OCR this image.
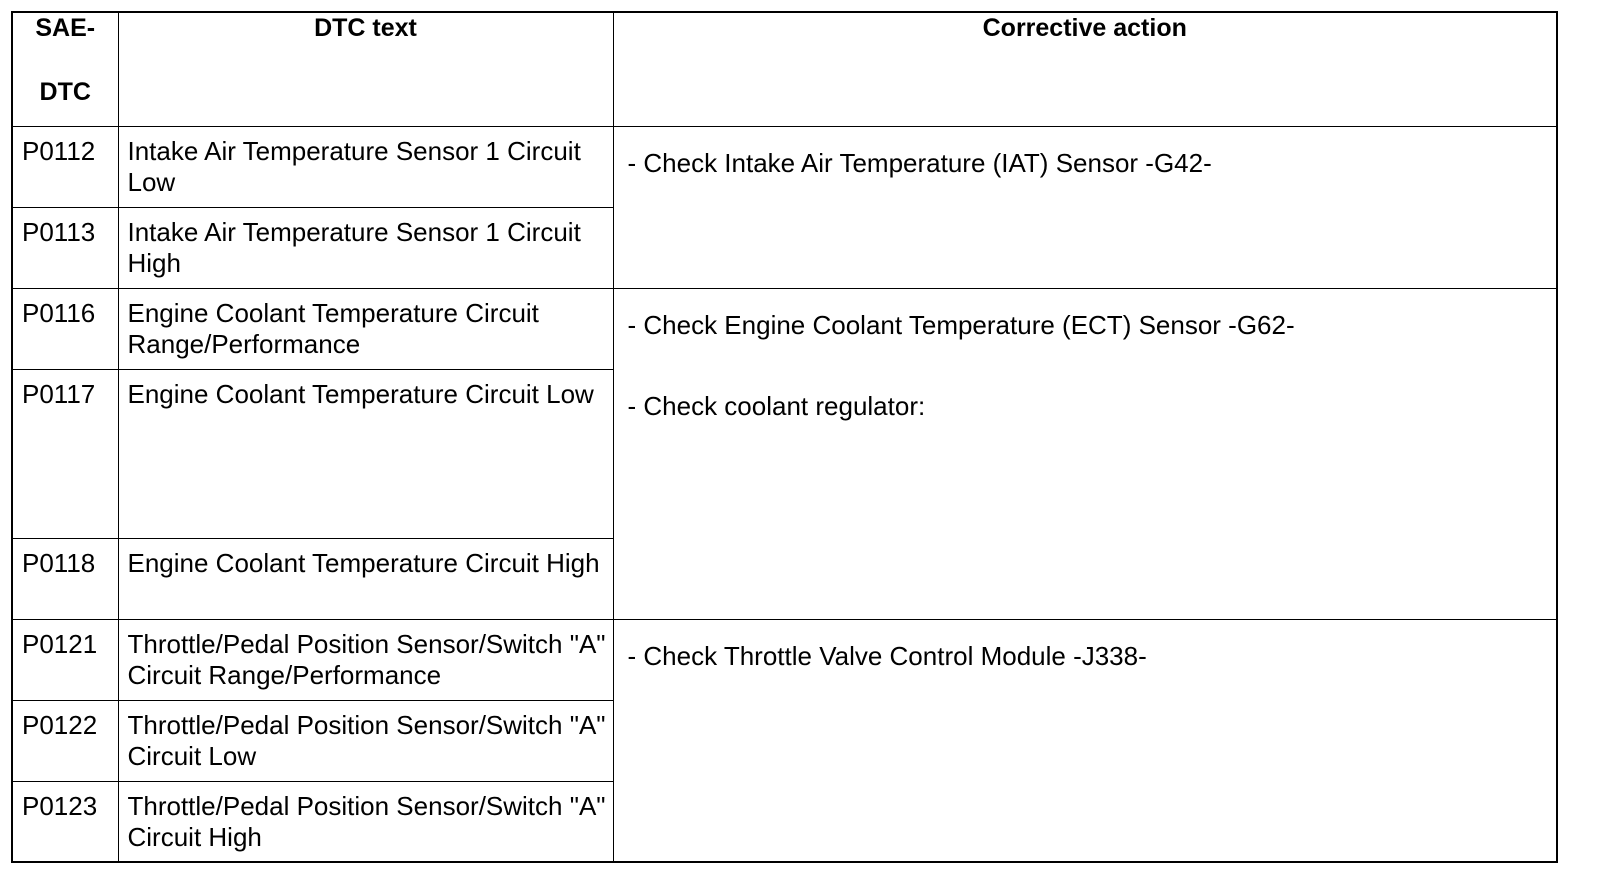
SAE-
DTC	DTC text	Corrective action
P0112	Intake Air Temperature Sensor 1 Circuit Low	- Check Intake Air Temperature (IAT) Sensor -G42-

P0113	Intake Air Temperature Sensor 1 Circuit High	
P0116	Engine Coolant Temperature Circuit Range/Performance	- Check Engine Coolant Temperature (ECT) Sensor -G62-
- Check coolant regulator:

P0117	Engine Coolant Temperature Circuit Low	
P0118	Engine Coolant Temperature Circuit High	
P0121	Throttle/Pedal Position Sensor/Switch "A" Circuit Range/Performance	- Check Throttle Valve Control Module -J338-

P0122	Throttle/Pedal Position Sensor/Switch "A" Circuit Low	
P0123	Throttle/Pedal Position Sensor/Switch "A" Circuit High	
